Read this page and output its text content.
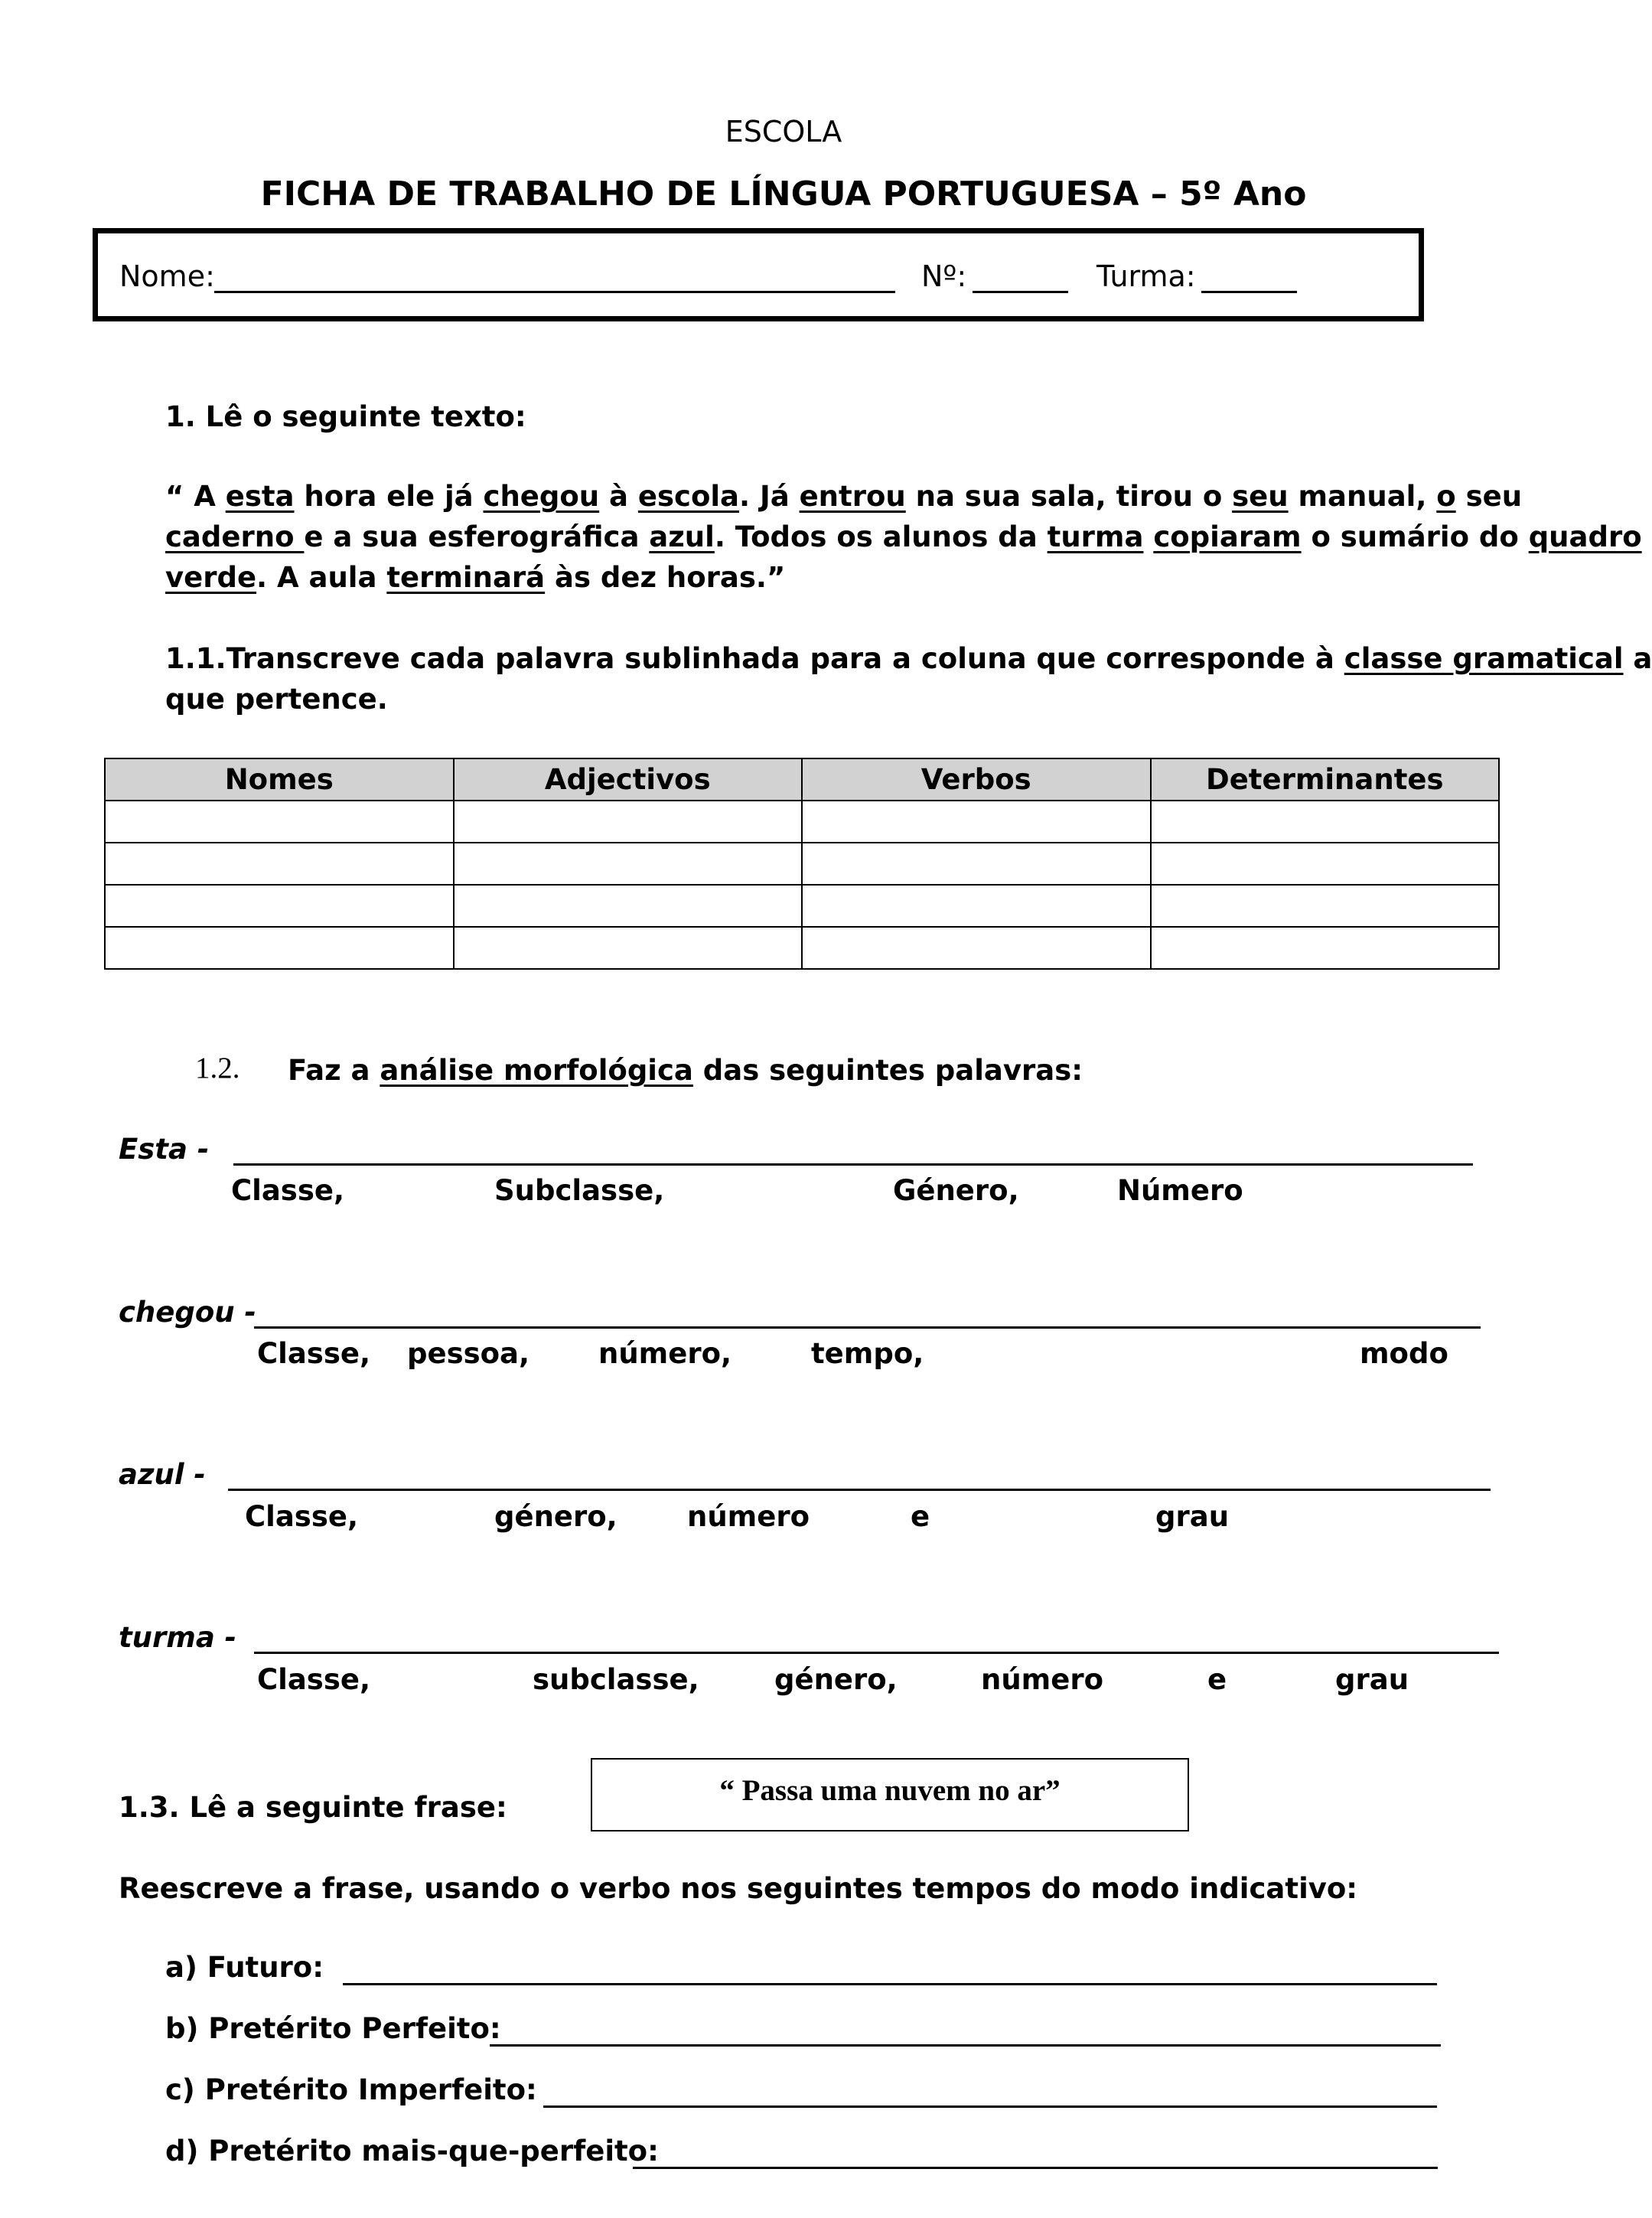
ESCOLA
FICHA DE TRABALHO DE LÍNGUA PORTUGUESA – 5º Ano
Nome:	Nº:	Turma:
1. Lê o seguinte texto:
“ A esta hora ele já chegou à escola. Já entrou na sua sala, tirou o seu manual, o seu
caderno e a sua esferográfica azul. Todos os alunos da turma copiaram o sumário do quadro
verde. A aula terminará às dez horas.”
1.1.Transcreve cada palavra sublinhada para a coluna que corresponde à classe gramatical a
que pertence.
Nomes	Adjectivos	Verbos	Determinantes

1.2. Faz a análise morfológica das seguintes palavras:
Esta -
Classe,	Subclasse,	Género,	Número
chegou -
Classe, pessoa, número,	tempo,	modo
azul -
Classe,	género, número	e	grau
turma -
Classe,	subclasse,	género,	número	e	grau
1.3. Lê a seguinte frase:
“ Passa uma nuvem no ar”
Reescreve a frase, usando o verbo nos seguintes tempos do modo indicativo:
a) Futuro:
b) Pretérito Perfeito:
c) Pretérito Imperfeito:
d) Pretérito mais-que-perfeito:
